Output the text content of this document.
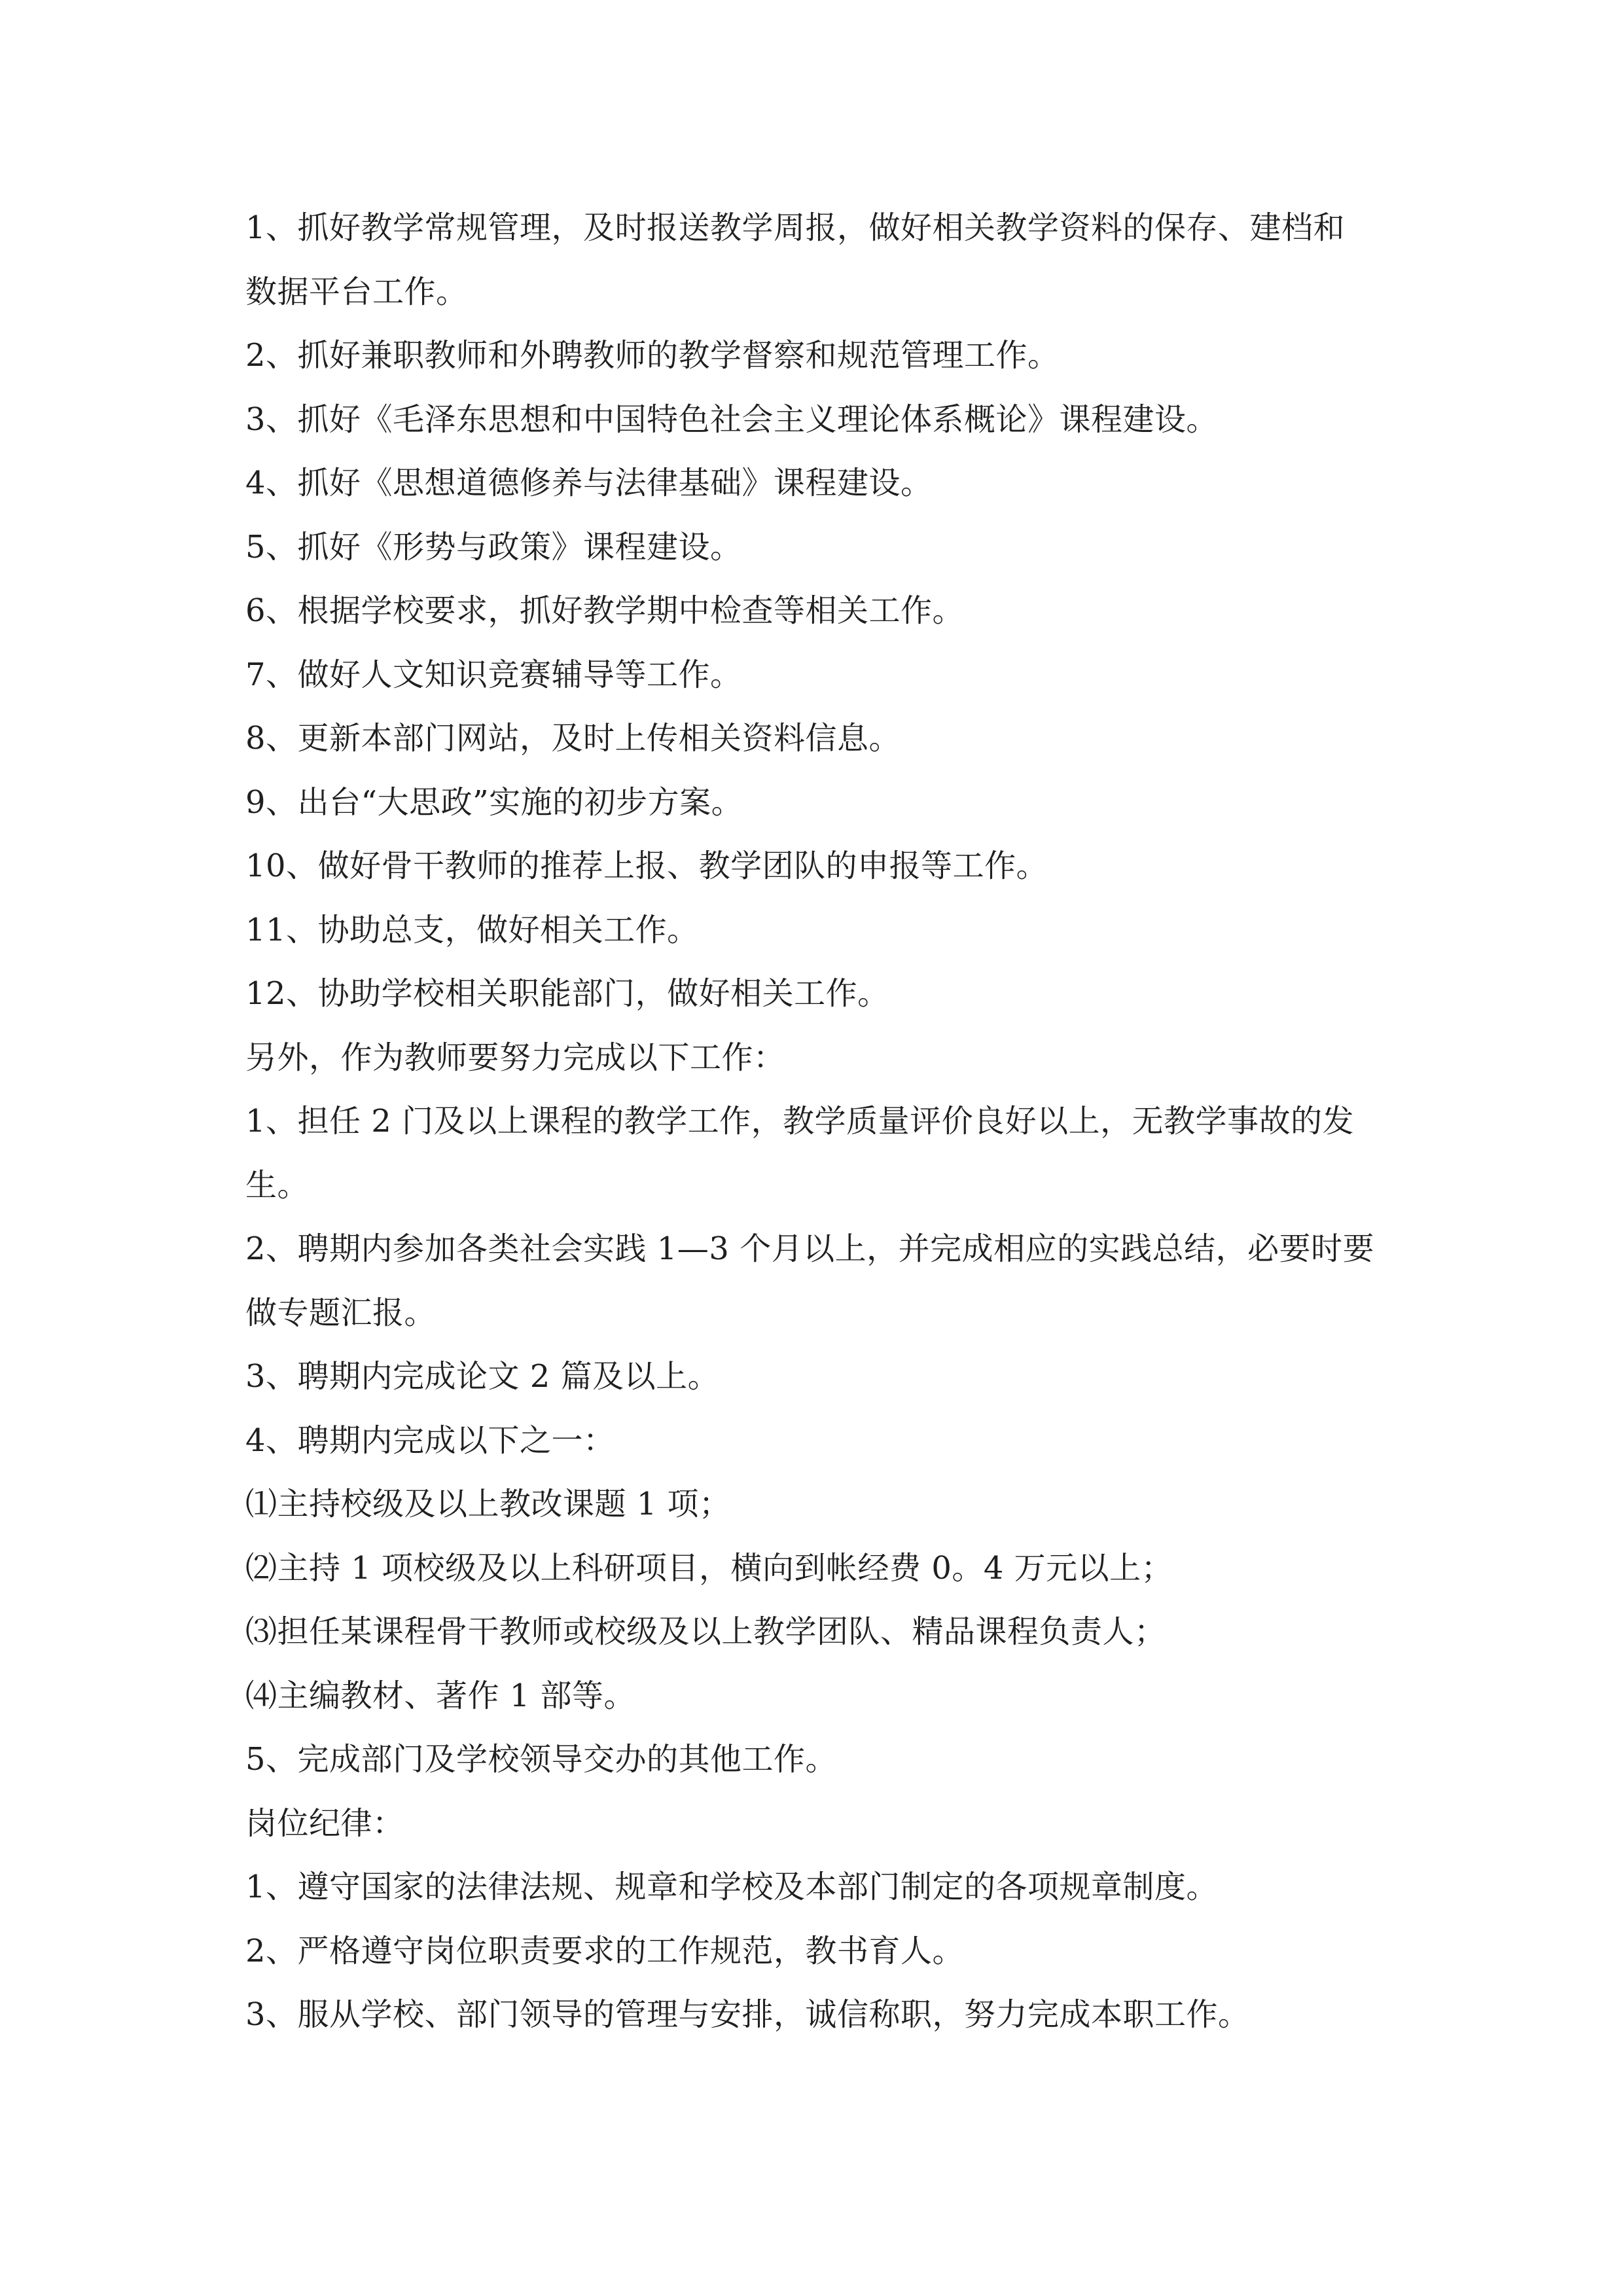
1、抓好教学常规管理，及时报送教学周报，做好相关教学资料的保存、建档和
数据平台工作。
2、抓好兼职教师和外聘教师的教学督察和规范管理工作。
3、抓好《毛泽东思想和中国特色社会主义理论体系概论》课程建设。
4、抓好《思想道德修养与法律基础》课程建设。
5、抓好《形势与政策》课程建设。
6、根据学校要求，抓好教学期中检查等相关工作。
7、做好人文知识竞赛辅导等工作。
8、更新本部门网站，及时上传相关资料信息。
9、出台“大思政”实施的初步方案。
10、做好骨干教师的推荐上报、教学团队的申报等工作。
11、协助总支，做好相关工作。
12、协助学校相关职能部门，做好相关工作。
另外，作为教师要努力完成以下工作：
1、担任 2 门及以上课程的教学工作，教学质量评价良好以上，无教学事故的发
生。
2、聘期内参加各类社会实践 1—3 个月以上，并完成相应的实践总结，必要时要
做专题汇报。
3、聘期内完成论文 2 篇及以上。
4、聘期内完成以下之一：
⑴主持校级及以上教改课题 1 项；
⑵主持 1 项校级及以上科研项目，横向到帐经费 0。4 万元以上；
⑶担任某课程骨干教师或校级及以上教学团队、精品课程负责人；
⑷主编教材、著作 1 部等。
5、完成部门及学校领导交办的其他工作。
岗位纪律：
1、遵守国家的法律法规、规章和学校及本部门制定的各项规章制度。
2、严格遵守岗位职责要求的工作规范，教书育人。
3、服从学校、部门领导的管理与安排，诚信称职，努力完成本职工作。
